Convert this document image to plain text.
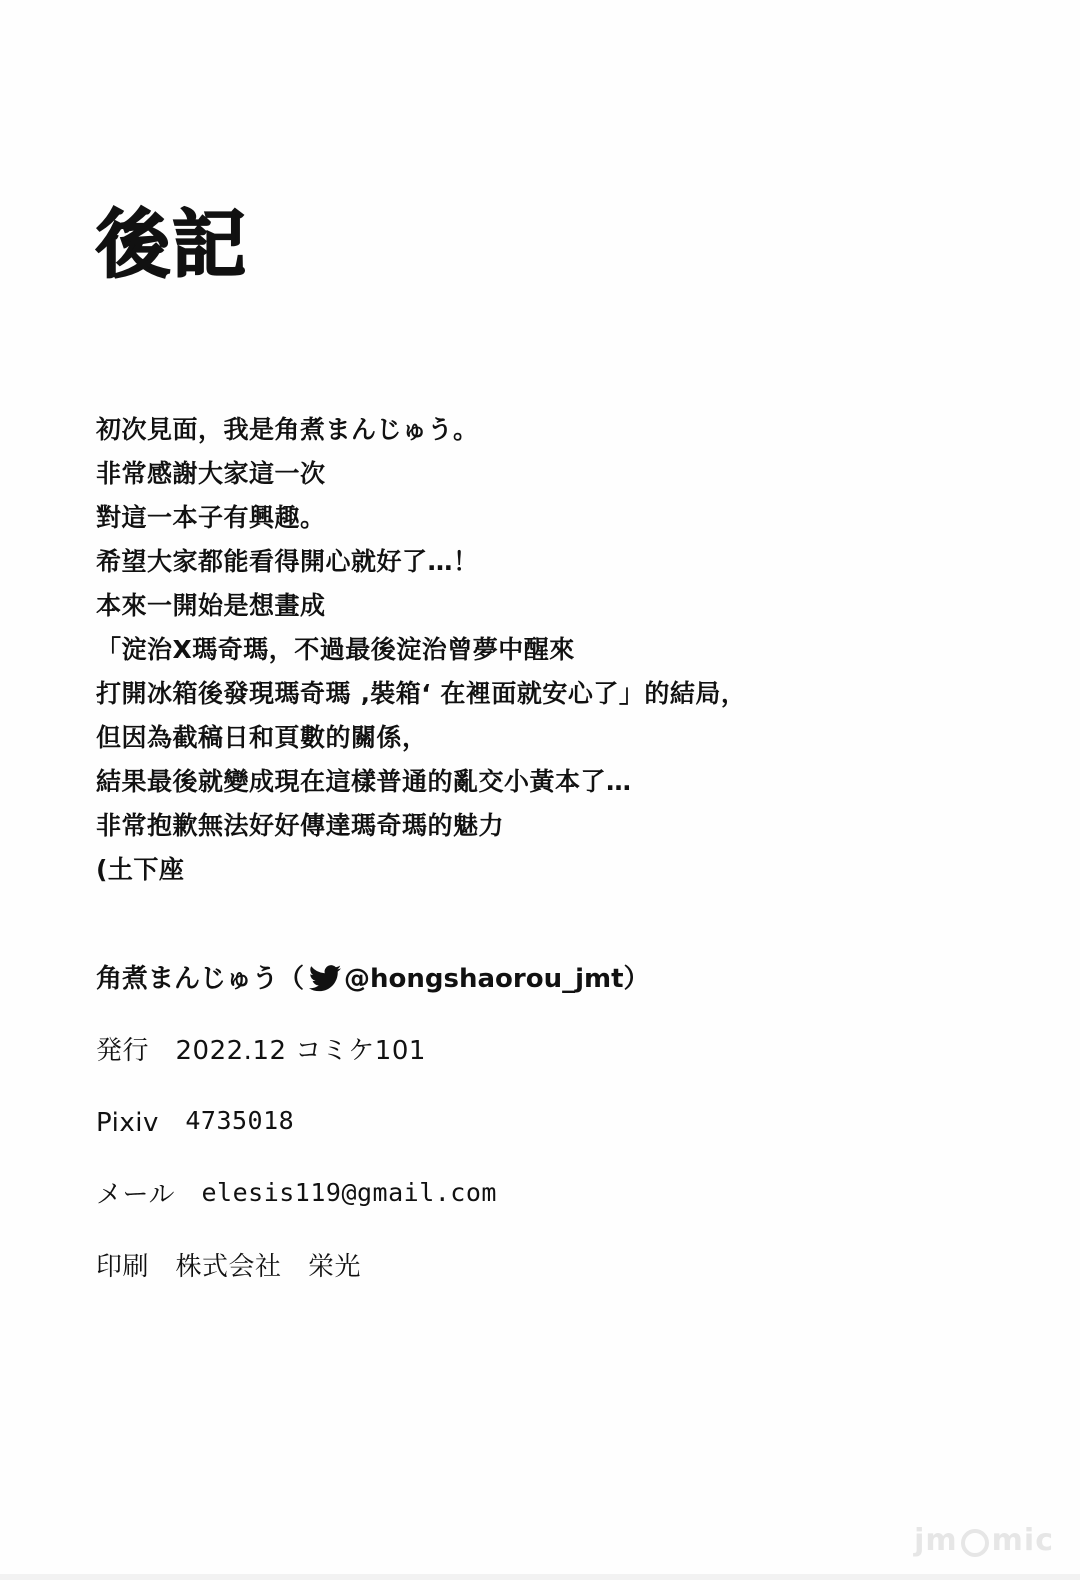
後記
初次見面，我是角煮まんじゅう。
非常感謝大家這一次
對這一本子有興趣。
希望大家都能看得開心就好了…！
本來一開始是想畫成
「淀治X瑪奇瑪，不過最後淀治曾夢中醒來
打開冰箱後發現瑪奇瑪 ‚裝箱‘ 在裡面就安心了」的結局，
但因為截稿日和頁數的關係，
結果最後就變成現在這樣普通的亂交小黃本了…
非常抱歉無法好好傳達瑪奇瑪的魅力
(土下座
角煮まんじゅう（ @hongshaorou_jmt）
発行　 2022.12 コミケ101
Pixiv　 4735018
メール　 elesis119@gmail.com
印刷　 株式会社　栄光
jm mic
